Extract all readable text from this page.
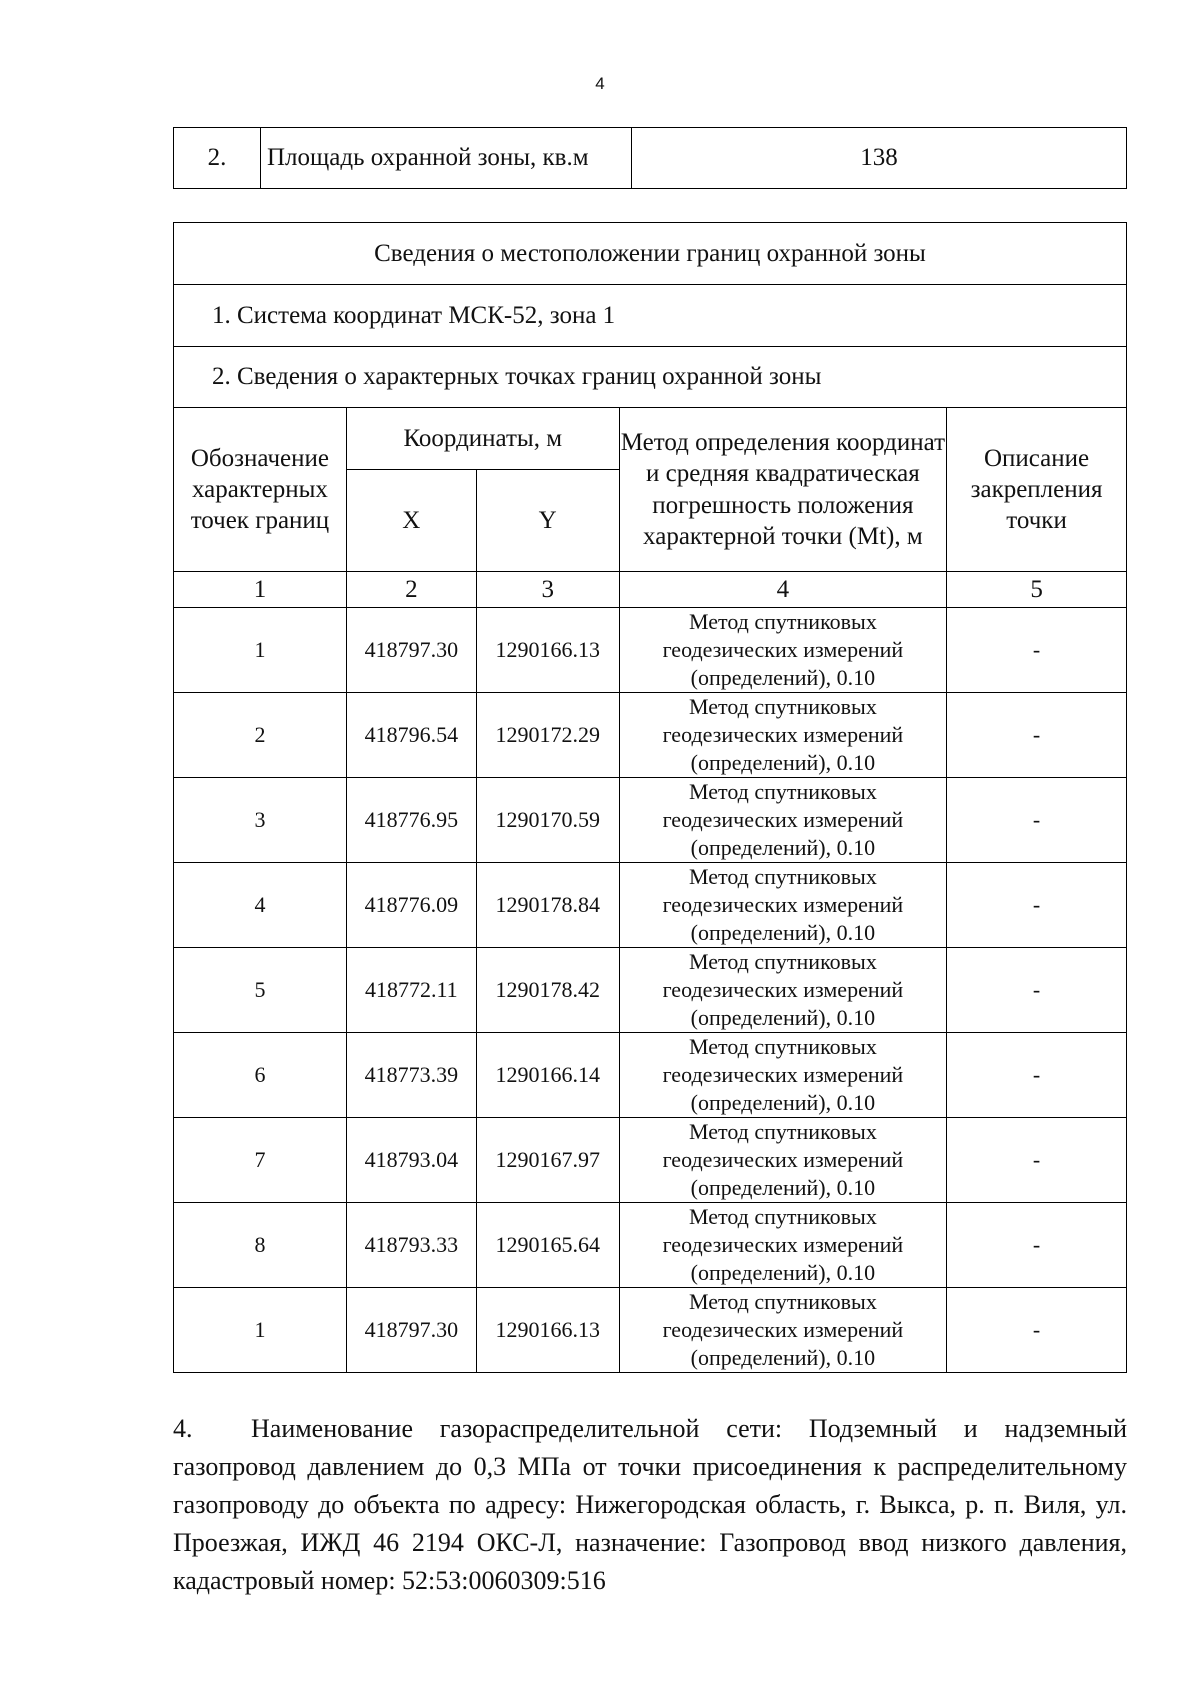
4
2.	Площадь охранной зоны, кв.м	138
Сведения о местоположении границ охранной зоны				
1. Система координат МСК-52, зона 1				
2. Сведения о характерных точках границ охранной зоны				
Обозначение характерных точек границ	Координаты, м		Метод определения координат и средняя квадратическая погрешность положения характерной точки (Mt), м	Описание закрепления точки
	X	Y		
1	2	3	4	5
1	418797.30	1290166.13	Метод спутниковых геодезических измерений (определений), 0.10	-
2	418796.54	1290172.29	Метод спутниковых геодезических измерений (определений), 0.10	-
3	418776.95	1290170.59	Метод спутниковых геодезических измерений (определений), 0.10	-
4	418776.09	1290178.84	Метод спутниковых геодезических измерений (определений), 0.10	-
5	418772.11	1290178.42	Метод спутниковых геодезических измерений (определений), 0.10	-
6	418773.39	1290166.14	Метод спутниковых геодезических измерений (определений), 0.10	-
7	418793.04	1290167.97	Метод спутниковых геодезических измерений (определений), 0.10	-
8	418793.33	1290165.64	Метод спутниковых геодезических измерений (определений), 0.10	-
1	418797.30	1290166.13	Метод спутниковых геодезических измерений (определений), 0.10	-

4. Наименование газораспределительной сети: Подземный и надземный газопровод давлением до 0,3 МПа от точки присоединения к распределительному газопроводу до объекта по адресу: Нижегородская область, г. Выкса, р. п. Виля, ул. Проезжая, ИЖД 46 2194 ОКС-Л, назначение: Газопровод ввод низкого давления, кадастровый номер: 52:53:0060309:516
